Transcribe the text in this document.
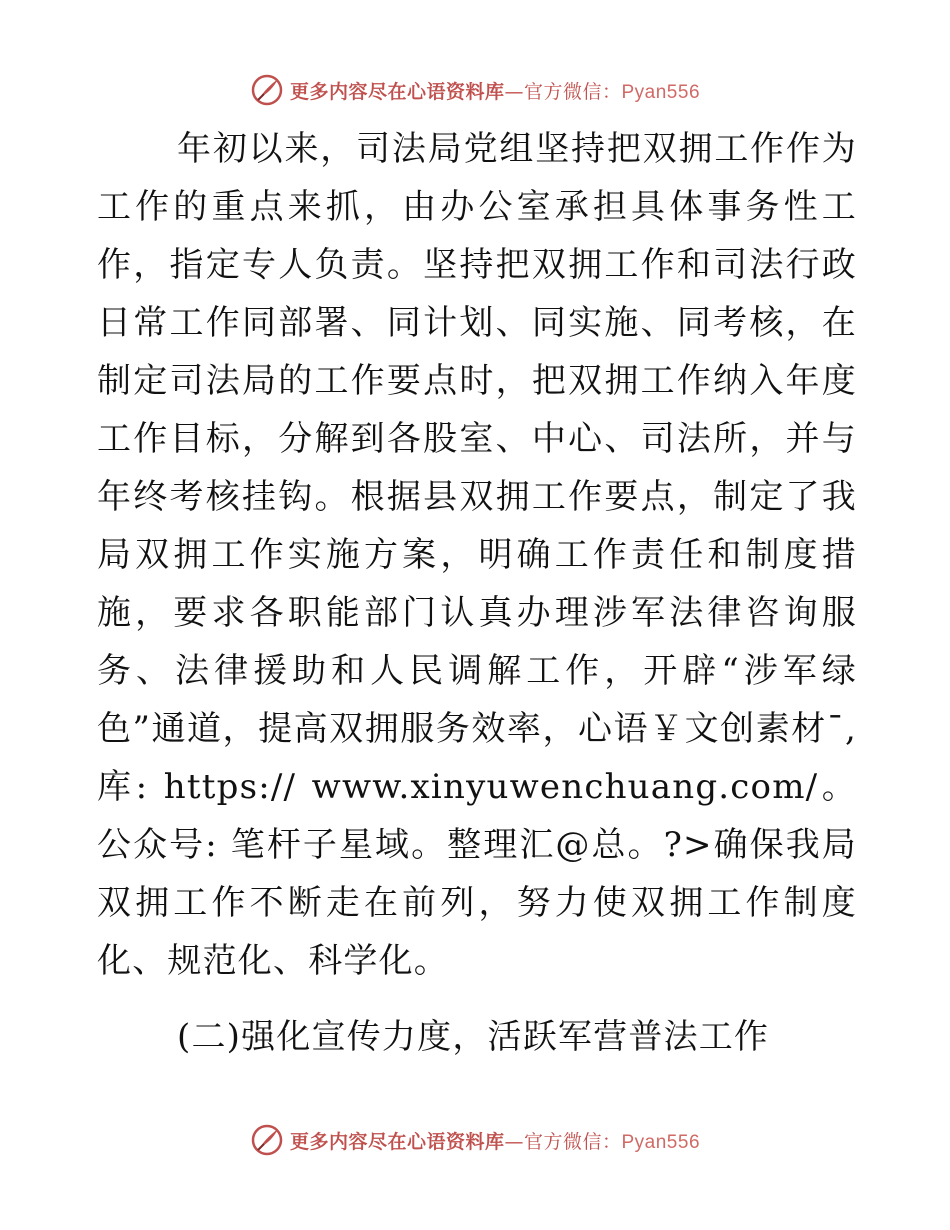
更多内容尽在心语资料库—官方微信：Pyan556

年初以来，司法局党组坚持把双拥工作作为工作的重点来抓，由办公室承担具体事务性工作，指定专人负责。坚持把双拥工作和司法行政日常工作同部署、同计划、同实施、同考核，在制定司法局的工作要点时，把双拥工作纳入年度工作目标，分解到各股室、中心、司法所，并与年终考核挂钩。根据县双拥工作要点，制定了我局双拥工作实施方案，明确工作责任和制度措施，要求各职能部门认真办理涉军法律咨询服务、法律援助和人民调解工作，开辟“涉军绿色”通道，提高双拥服务效率，心语￥文创素材¯,库: https:// www.xinyuwenchuang.com/。公众号: 笔杆子星域。整理汇@总。?>确保我局双拥工作不断走在前列，努力使双拥工作制度化、规范化、科学化。

(二)强化宣传力度，活跃军营普法工作

更多内容尽在心语资料库—官方微信：Pyan556
